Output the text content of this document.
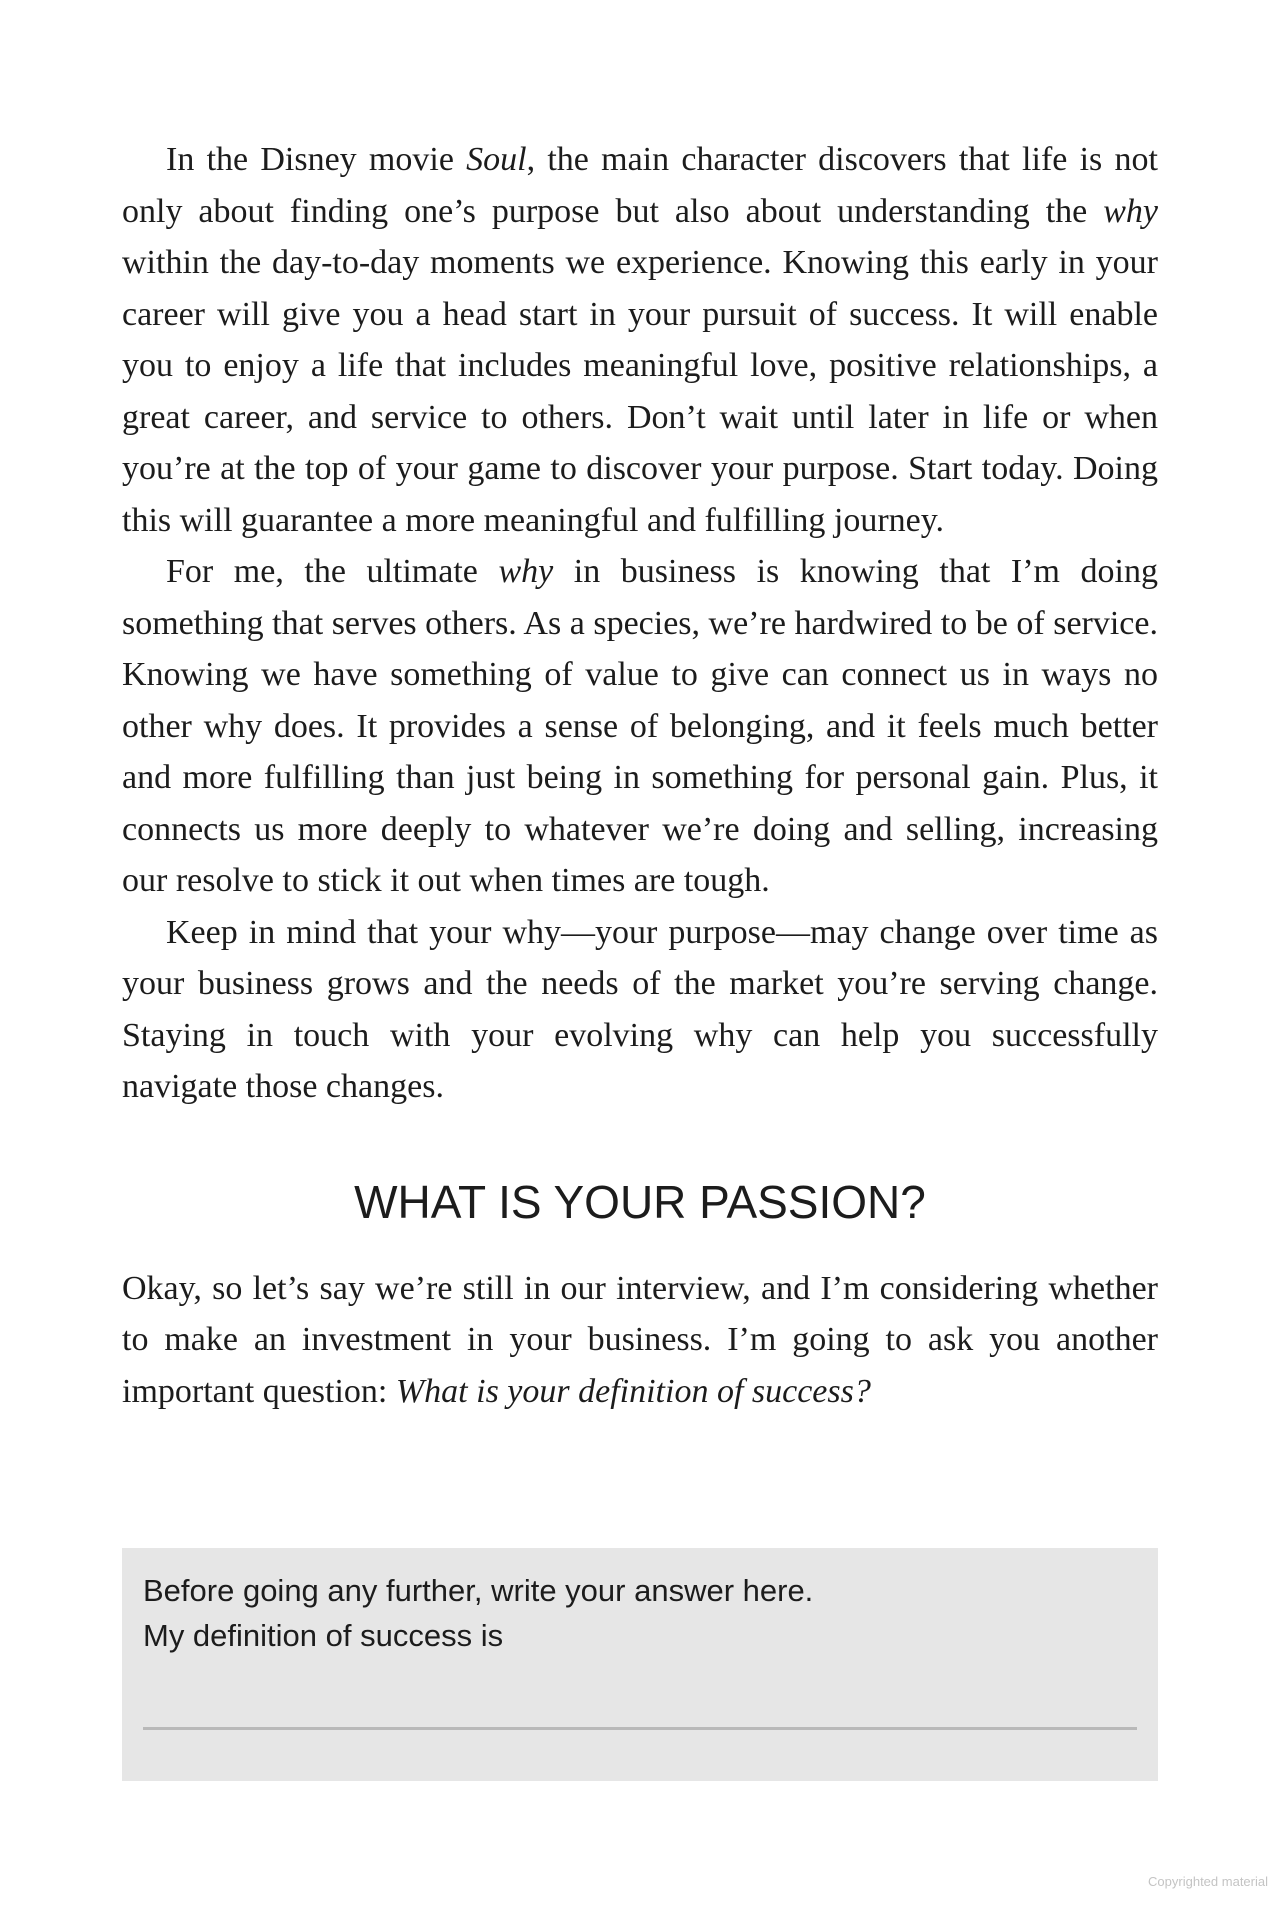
In the Disney movie Soul, the main character discovers that life is not only about finding one’s purpose but also about understanding the why within the day-to-day moments we experience. Knowing this early in your career will give you a head start in your pursuit of success. It will enable you to enjoy a life that includes meaningful love, positive relationships, a great career, and service to others. Don’t wait until later in life or when you’re at the top of your game to discover your purpose. Start today. Doing this will guarantee a more meaningful and fulfilling journey.

For me, the ultimate why in business is knowing that I’m doing something that serves others. As a species, we’re hardwired to be of service. Knowing we have something of value to give can connect us in ways no other why does. It provides a sense of belonging, and it feels much better and more fulfilling than just being in something for personal gain. Plus, it connects us more deeply to whatever we’re doing and selling, increasing our resolve to stick it out when times are tough.

Keep in mind that your why—your purpose—may change over time as your business grows and the needs of the market you’re serving change. Staying in touch with your evolving why can help you successfully navigate those changes.

WHAT IS YOUR PASSION?

Okay, so let’s say we’re still in our interview, and I’m considering whether to make an investment in your business. I’m going to ask you another important question: What is your definition of success?

Before going any further, write your answer here.

My definition of success is

Copyrighted material
